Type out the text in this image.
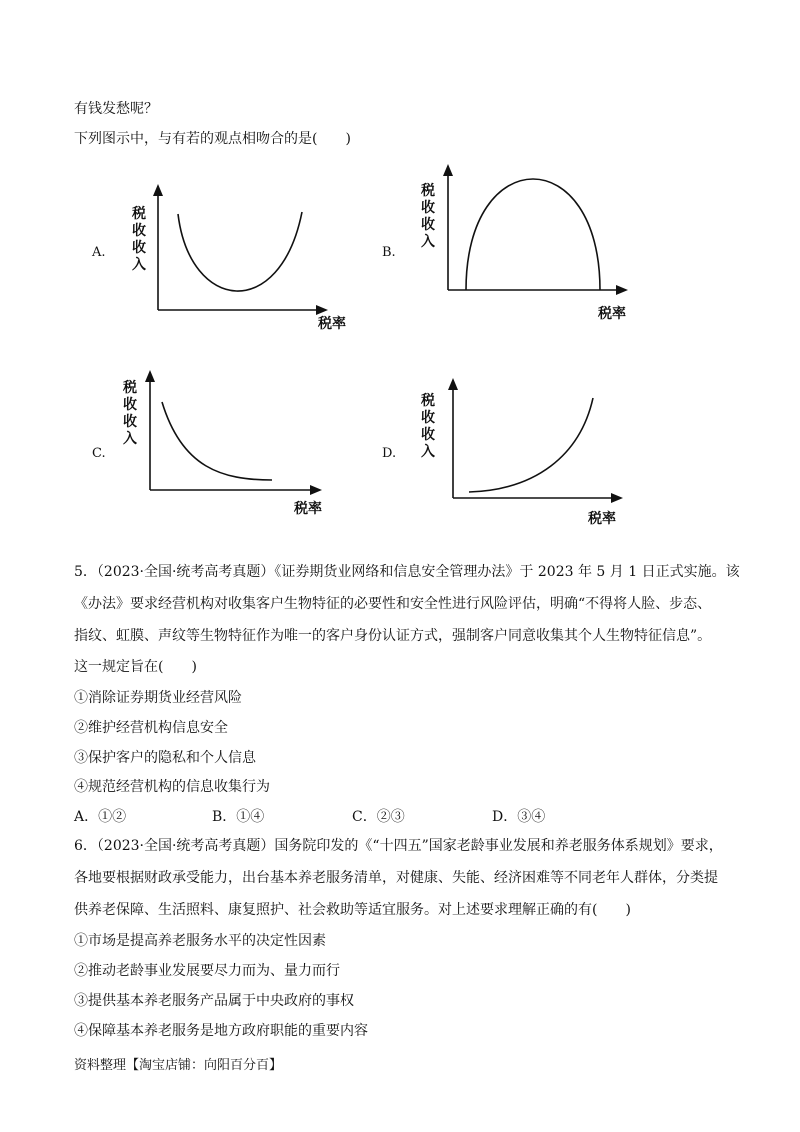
有钱发愁呢？
下列图示中，与有若的观点相吻合的是(　　)
A.
税
收
收
入
税率
B.
税
收
收
入
税率
C.
税
收
收
入
税率
D.
税
收
收
入
税率
5．（2023·全国·统考高考真题）《证券期货业网络和信息安全管理办法》于 2023 年 5 月 1 日正式实施。该
《办法》要求经营机构对收集客户生物特征的必要性和安全性进行风险评估，明确“不得将人脸、步态、
指纹、虹膜、声纹等生物特征作为唯一的客户身份认证方式，强制客户同意收集其个人生物特征信息”。
这一规定旨在(　　)
①消除证券期货业经营风险
②维护经营机构信息安全
③保护客户的隐私和个人信息
④规范经营机构的信息收集行为
A．①②	B．①④	C．②③	D．③④
6．（2023·全国·统考高考真题）国务院印发的《“十四五”国家老龄事业发展和养老服务体系规划》要求，
各地要根据财政承受能力，出台基本养老服务清单，对健康、失能、经济困难等不同老年人群体，分类提
供养老保障、生活照料、康复照护、社会救助等适宜服务。对上述要求理解正确的有(　　)
①市场是提高养老服务水平的决定性因素
②推动老龄事业发展要尽力而为、量力而行
③提供基本养老服务产品属于中央政府的事权
④保障基本养老服务是地方政府职能的重要内容
资料整理【淘宝店铺：向阳百分百】
